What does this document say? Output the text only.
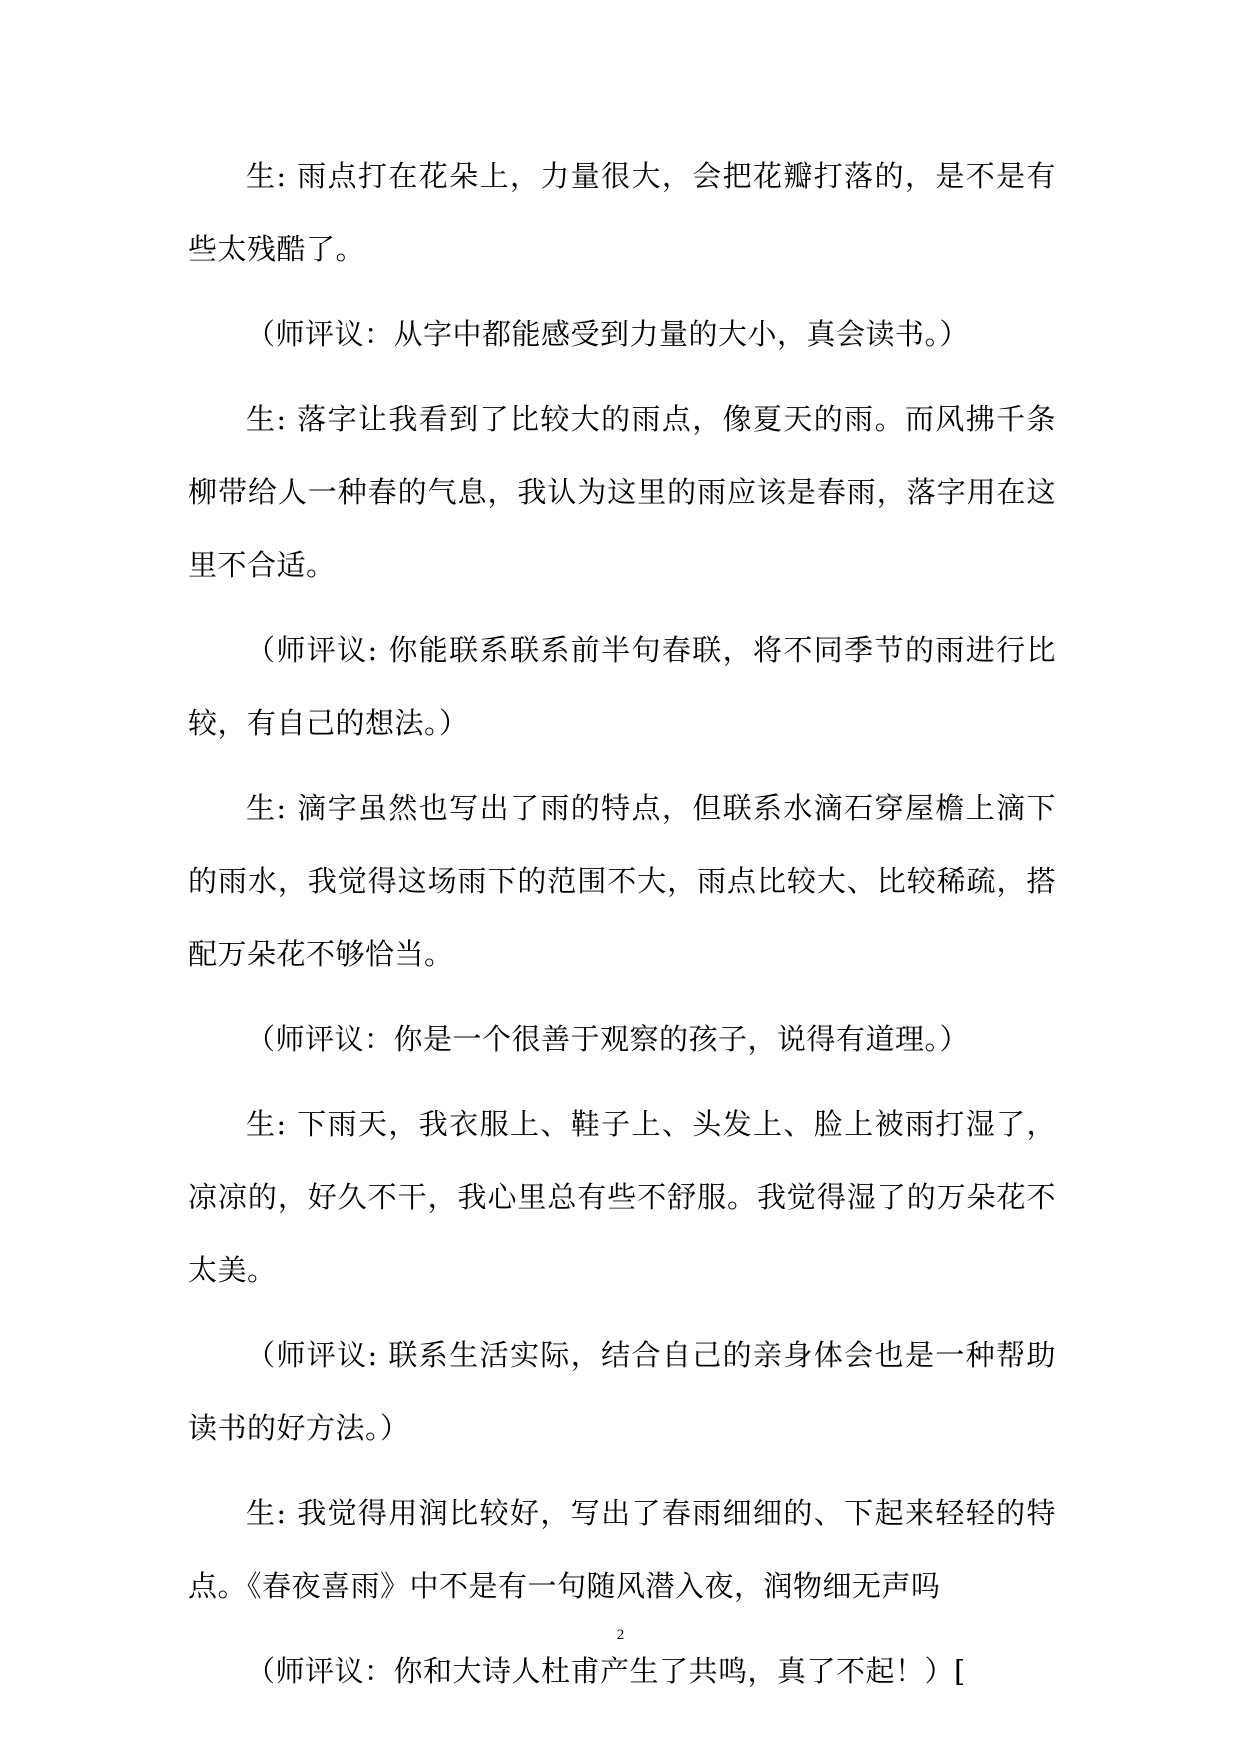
生: 雨点打在花朵上，力量很大，会把花瓣打落的，是不是有些太残酷了。

（师评议：从字中都能感受到力量的大小，真会读书。）

生: 落字让我看到了比较大的雨点，像夏天的雨。而风拂千条柳带给人一种春的气息，我认为这里的雨应该是春雨，落字用在这里不合适。

（师评议: 你能联系联系前半句春联，将不同季节的雨进行比较，有自己的想法。）

生: 滴字虽然也写出了雨的特点，但联系水滴石穿屋檐上滴下的雨水，我觉得这场雨下的范围不大，雨点比较大、比较稀疏，搭配万朵花不够恰当。

（师评议：你是一个很善于观察的孩子，说得有道理。）

生: 下雨天，我衣服上、鞋子上、头发上、脸上被雨打湿了，凉凉的，好久不干，我心里总有些不舒服。我觉得湿了的万朵花不太美。

（师评议: 联系生活实际，结合自己的亲身体会也是一种帮助读书的好方法。）

生: 我觉得用润比较好，写出了春雨细细的、下起来轻轻的特点。《春夜喜雨》中不是有一句随风潜入夜，润物细无声吗

（师评议：你和大诗人杜甫产生了共鸣，真了不起！）[

2
